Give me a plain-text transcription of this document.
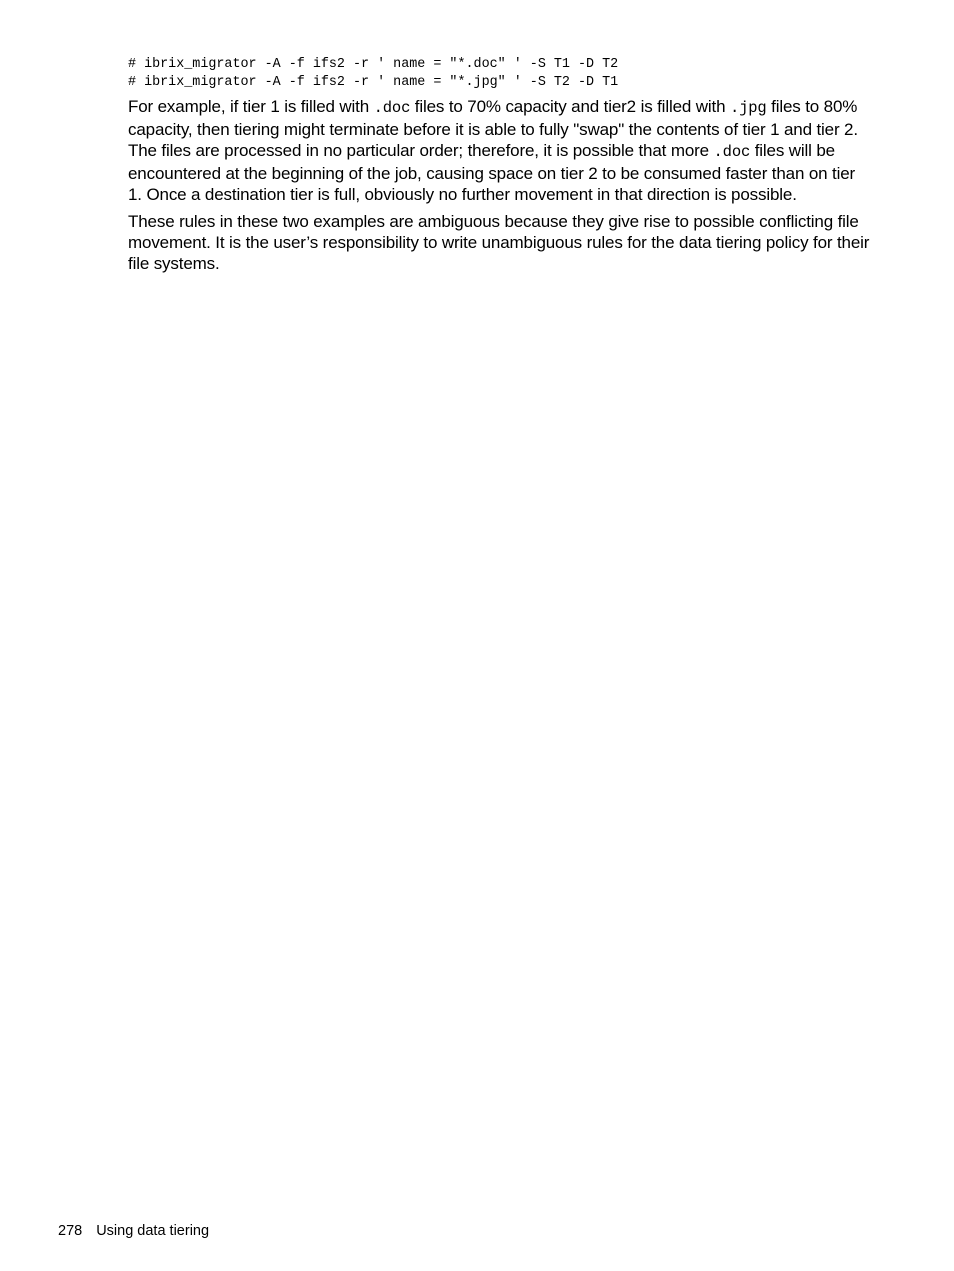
# ibrix_migrator -A -f ifs2 -r ' name = "*.doc" ' -S T1 -D T2
# ibrix_migrator -A -f ifs2 -r ' name = "*.jpg" ' -S T2 -D T1

For example, if tier 1 is filled with .doc files to 70% capacity and tier2 is filled with .jpg files to 80% capacity, then tiering might terminate before it is able to fully "swap" the contents of tier 1 and tier 2. The files are processed in no particular order; therefore, it is possible that more .doc files will be encountered at the beginning of the job, causing space on tier 2 to be consumed faster than on tier 1. Once a destination tier is full, obviously no further movement in that direction is possible.

These rules in these two examples are ambiguous because they give rise to possible conflicting file movement. It is the user’s responsibility to write unambiguous rules for the data tiering policy for their file systems.

278 Using data tiering
